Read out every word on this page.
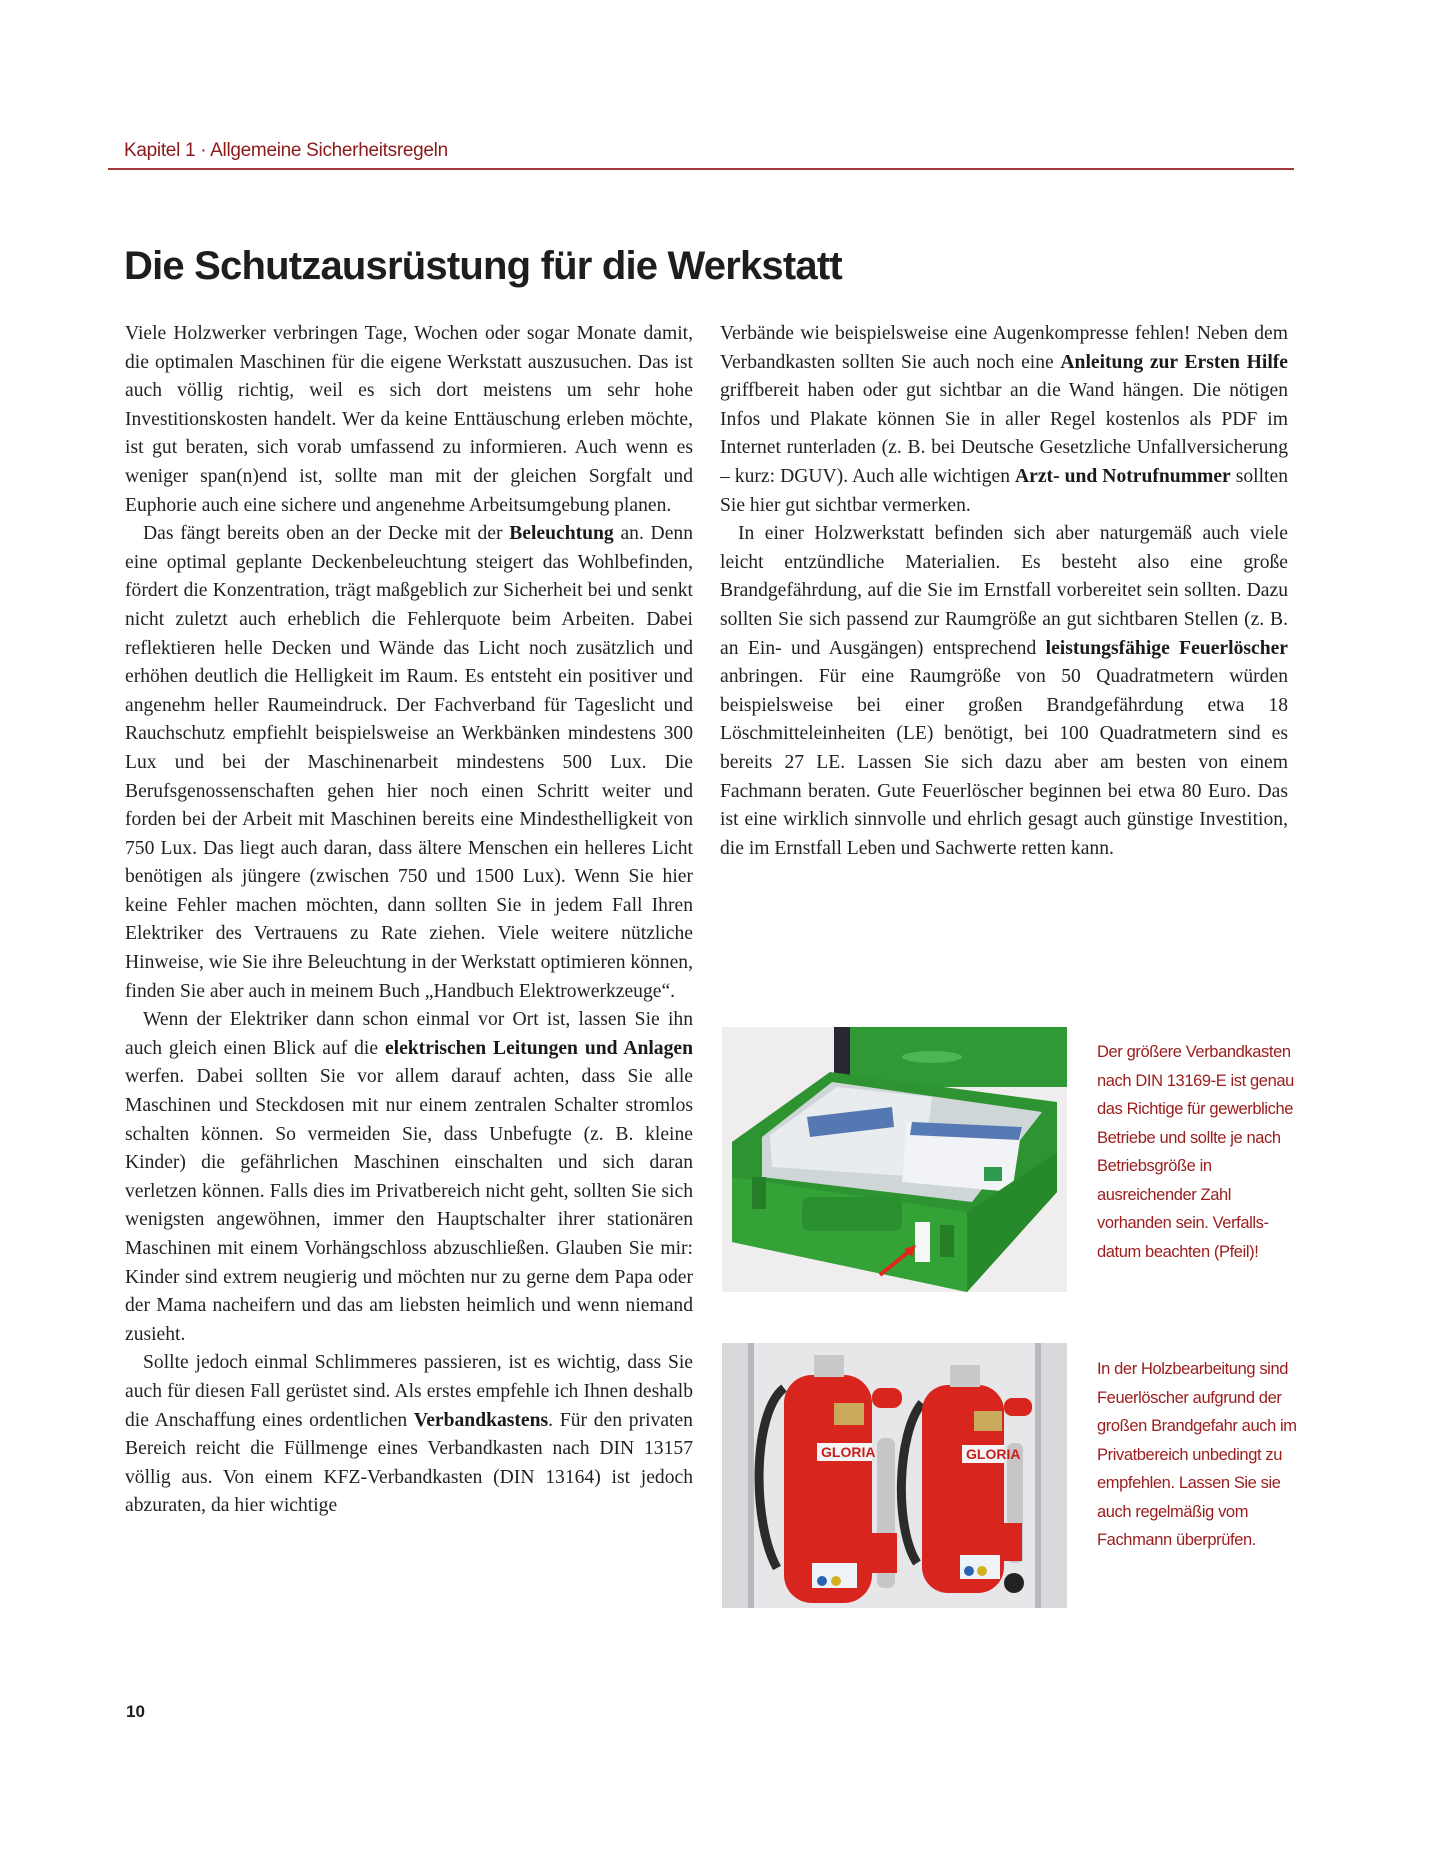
Kapitel 1 · Allgemeine Sicherheitsregeln
Die Schutzausrüstung für die Werkstatt

Viele Holzwerker verbringen Tage, Wochen oder sogar Monate damit, die optimalen Maschinen für die eigene Werkstatt auszusuchen. Das ist auch völlig richtig, weil es sich dort meistens um sehr hohe Investitionskosten handelt. Wer da keine Enttäuschung erleben möchte, ist gut beraten, sich vorab umfassend zu informieren. Auch wenn es weniger span(n)end ist, sollte man mit der gleichen Sorgfalt und Euphorie auch eine sichere und angenehme Arbeitsumgebung planen.

Das fängt bereits oben an der Decke mit der Beleuchtung an. Denn eine optimal geplante Deckenbeleuchtung steigert das Wohlbefinden, fördert die Konzentration, trägt maßgeblich zur Sicherheit bei und senkt nicht zuletzt auch erheblich die Fehlerquote beim Arbeiten. Dabei reflektieren helle Decken und Wände das Licht noch zusätzlich und erhöhen deutlich die Helligkeit im Raum. Es entsteht ein positiver und angenehm heller Raumeindruck. Der Fachverband für Tageslicht und Rauchschutz empfiehlt beispielsweise an Werkbänken mindestens 300 Lux und bei der Maschinenarbeit mindestens 500 Lux. Die Berufsgenossenschaften gehen hier noch einen Schritt weiter und forden bei der Arbeit mit Maschinen bereits eine Mindesthelligkeit von 750 Lux. Das liegt auch daran, dass ältere Menschen ein helleres Licht benötigen als jüngere (zwischen 750 und 1500 Lux). Wenn Sie hier keine Fehler machen möchten, dann sollten Sie in jedem Fall Ihren Elektriker des Vertrauens zu Rate ziehen. Viele weitere nützliche Hinweise, wie Sie ihre Beleuchtung in der Werkstatt optimieren können, finden Sie aber auch in meinem Buch „Handbuch Elektrowerkzeuge“.

Wenn der Elektriker dann schon einmal vor Ort ist, lassen Sie ihn auch gleich einen Blick auf die elektrischen Leitungen und Anlagen werfen. Dabei sollten Sie vor allem darauf achten, dass Sie alle Maschinen und Steckdosen mit nur einem zentralen Schalter stromlos schalten können. So vermeiden Sie, dass Unbefugte (z. B. kleine Kinder) die gefährlichen Maschinen einschalten und sich daran verletzen können. Falls dies im Privatbereich nicht geht, sollten Sie sich wenigsten angewöhnen, immer den Hauptschalter ihrer stationären Maschinen mit einem Vorhängschloss abzuschließen. Glauben Sie mir: Kinder sind extrem neugierig und möchten nur zu gerne dem Papa oder der Mama nacheifern und das am liebsten heimlich und wenn niemand zusieht.

Sollte jedoch einmal Schlimmeres passieren, ist es wichtig, dass Sie auch für diesen Fall gerüstet sind. Als erstes empfehle ich Ihnen deshalb die Anschaffung eines ordentlichen Verbandkastens. Für den privaten Bereich reicht die Füllmenge eines Verbandkasten nach DIN 13157 völlig aus. Von einem KFZ-Verbandkasten (DIN 13164) ist jedoch abzuraten, da hier wichtige

Verbände wie beispielsweise eine Augenkompresse fehlen! Neben dem Verbandkasten sollten Sie auch noch eine Anleitung zur Ersten Hilfe griffbereit haben oder gut sichtbar an die Wand hängen. Die nötigen Infos und Plakate können Sie in aller Regel kostenlos als PDF im Internet runterladen (z. B. bei Deutsche Gesetzliche Unfallversicherung – kurz: DGUV). Auch alle wichtigen Arzt- und Notrufnummer sollten Sie hier gut sichtbar vermerken.

In einer Holzwerkstatt befinden sich aber naturgemäß auch viele leicht entzündliche Materialien. Es besteht also eine große Brandgefährdung, auf die Sie im Ernstfall vorbereitet sein sollten. Dazu sollten Sie sich passend zur Raumgröße an gut sichtbaren Stellen (z. B. an Ein- und Ausgängen) entsprechend leistungsfähige Feuerlöscher anbringen. Für eine Raumgröße von 50 Quadratmetern würden beispielsweise bei einer großen Brandgefährdung etwa 18 Löschmitteleinheiten (LE) benötigt, bei 100 Quadratmetern sind es bereits 27 LE. Lassen Sie sich dazu aber am besten von einem Fachmann beraten. Gute Feuerlöscher beginnen bei etwa 80 Euro. Das ist eine wirklich sinnvolle und ehrlich gesagt auch günstige Investition, die im Ernstfall Leben und Sachwerte retten kann.

Der größere Verbandkasten nach DIN 13169-E ist genau das Richtige für gewerbliche Betriebe und sollte je nach Betriebsgröße in ausreichender Zahl vorhanden sein. Verfallsdatum beachten (Pfeil)!
GLORIA	GLORIA
In der Holzbearbeitung sind Feuerlöscher aufgrund der großen Brandgefahr auch im Privatbereich unbedingt zu empfehlen. Lassen Sie sie auch regelmäßig vom Fachmann überprüfen.
10
